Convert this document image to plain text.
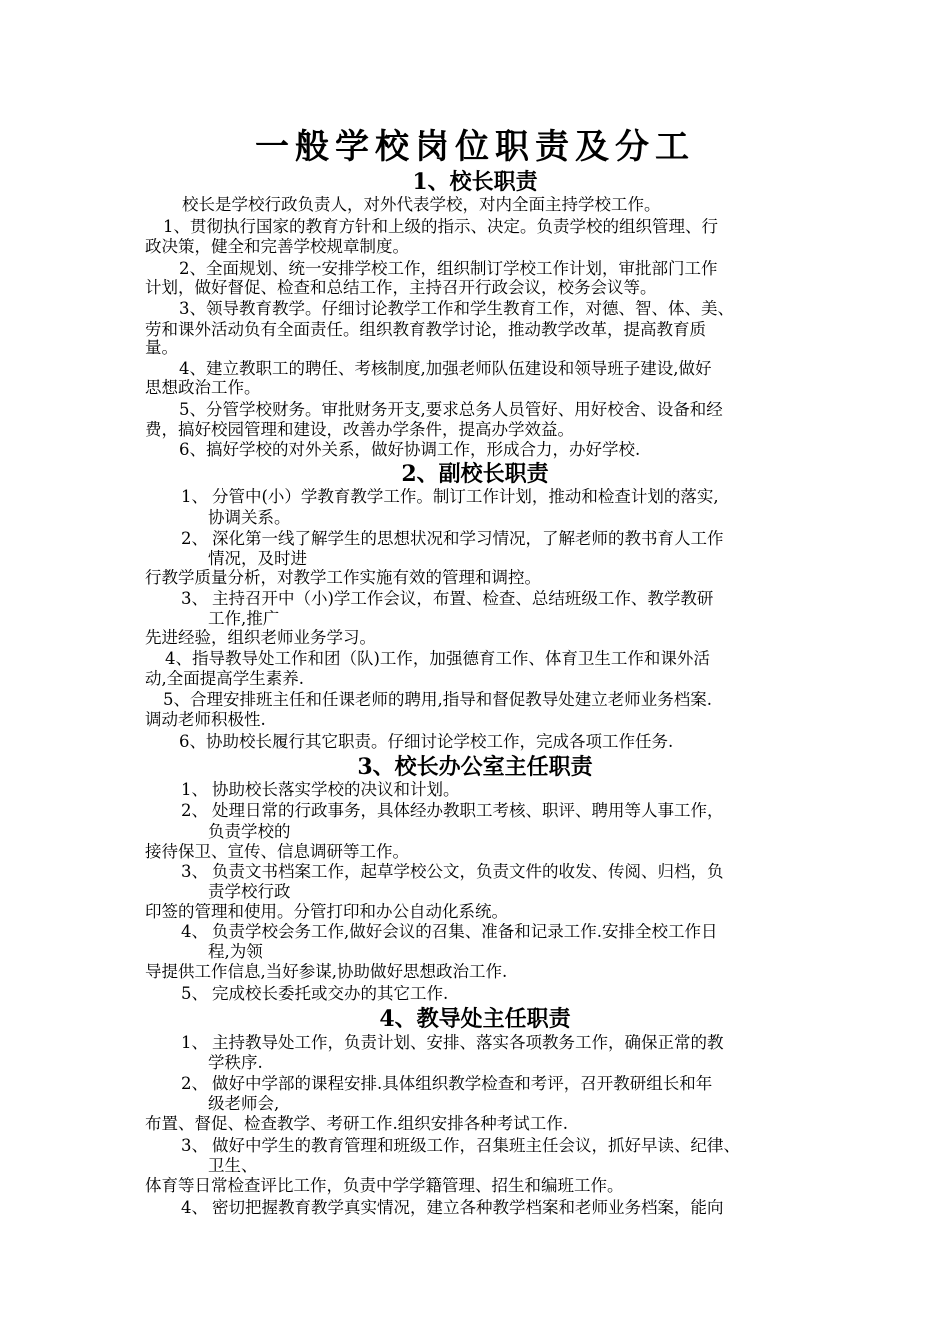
一般学校岗位职责及分工
1、校长职责
校长是学校行政负责人，对外代表学校，对内全面主持学校工作。
1、贯彻执行国家的教育方针和上级的指示、决定。负责学校的组织管理、行
政决策，健全和完善学校规章制度。
2、全面规划、统一安排学校工作，组织制订学校工作计划，审批部门工作
计划，做好督促、检查和总结工作，主持召开行政会议，校务会议等。
3、领导教育教学。仔细讨论教学工作和学生教育工作，对德、智、体、美、
劳和课外活动负有全面责任。组织教育教学讨论，推动教学改革，提高教育质
量。
4、建立教职工的聘任、考核制度,加强老师队伍建设和领导班子建设,做好
思想政治工作。
5、分管学校财务。审批财务开支,要求总务人员管好、用好校舍、设备和经
费，搞好校园管理和建设，改善办学条件，提高办学效益。
6、搞好学校的对外关系，做好协调工作，形成合力，办好学校.
2、副校长职责
1、 分管中(小）学教育教学工作。制订工作计划，推动和检查计划的落实,
协调关系。
2、 深化第一线了解学生的思想状况和学习情况，了解老师的教书育人工作
情况，及时进
行教学质量分析，对教学工作实施有效的管理和调控。
3、 主持召开中（小)学工作会议，布置、检查、总结班级工作、教学教研
工作,推广
先进经验，组织老师业务学习。
4、指导教导处工作和团（队)工作，加强德育工作、体育卫生工作和课外活
动,全面提高学生素养.
5、合理安排班主任和任课老师的聘用,指导和督促教导处建立老师业务档案.
调动老师积极性.
6、协助校长履行其它职责。仔细讨论学校工作，完成各项工作任务.
3、校长办公室主任职责
1、 协助校长落实学校的决议和计划。
2、 处理日常的行政事务，具体经办教职工考核、职评、聘用等人事工作，
负责学校的
接待保卫、宣传、信息调研等工作。
3、 负责文书档案工作，起草学校公文，负责文件的收发、传阅、归档，负
责学校行政
印签的管理和使用。分管打印和办公自动化系统。
4、 负责学校会务工作,做好会议的召集、准备和记录工作.安排全校工作日
程,为领
导提供工作信息,当好参谋,协助做好思想政治工作.
5、 完成校长委托或交办的其它工作.
4、教导处主任职责
1、 主持教导处工作，负责计划、安排、落实各项教务工作，确保正常的教
学秩序.
2、 做好中学部的课程安排.具体组织教学检查和考评，召开教研组长和年
级老师会,
布置、督促、检查教学、考研工作.组织安排各种考试工作.
3、 做好中学生的教育管理和班级工作，召集班主任会议，抓好早读、纪律、
卫生、
体育等日常检查评比工作，负责中学学籍管理、招生和编班工作。
4、 密切把握教育教学真实情况，建立各种教学档案和老师业务档案，能向
